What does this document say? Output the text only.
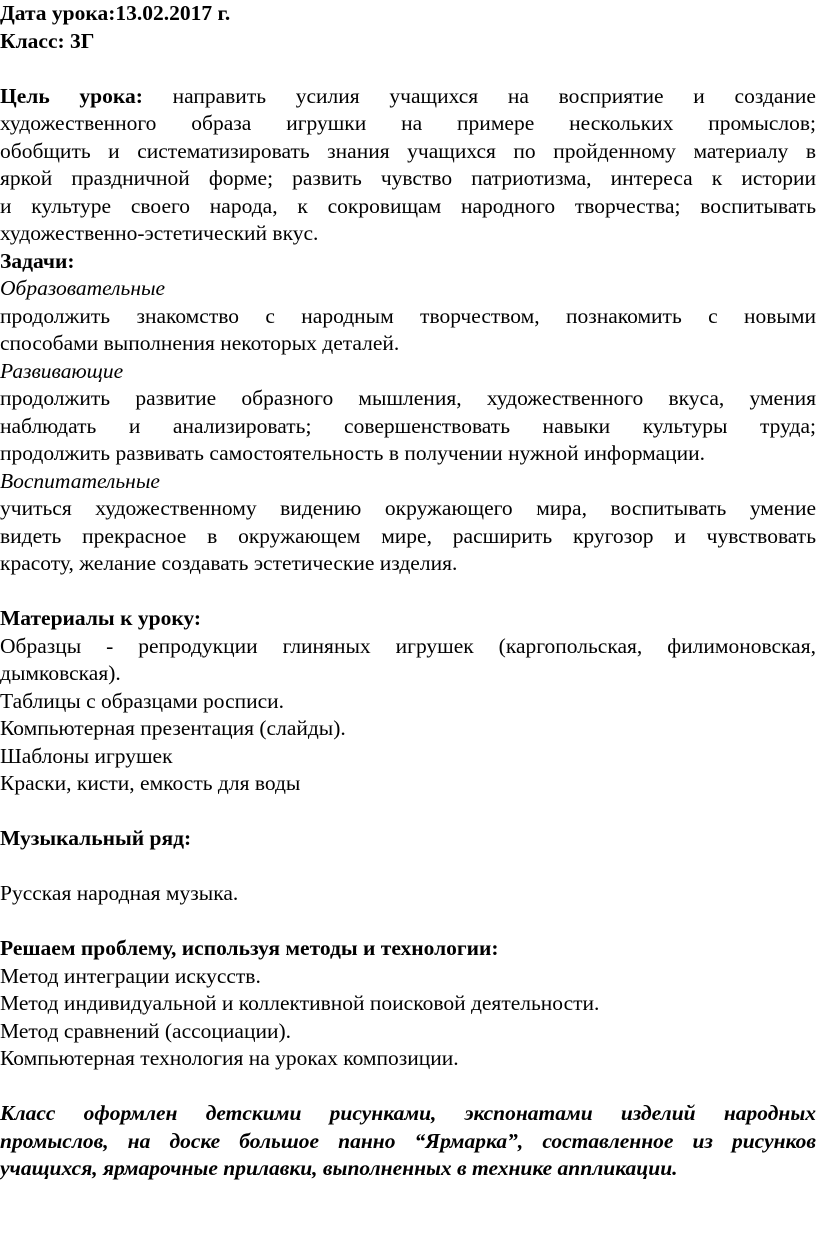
Дата урока:13.02.2017 г.
Класс: 3Г
Цель урока: направить усилия учащихся на восприятие и создание
художественного образа игрушки на примере нескольких промыслов;
обобщить и систематизировать знания учащихся по пройденному материалу в
яркой праздничной форме; развить чувство патриотизма, интереса к истории
и культуре своего народа, к сокровищам народного творчества; воспитывать
художественно-эстетический вкус.
Задачи:
Образовательные
продолжить знакомство с народным творчеством, познакомить с новыми
способами выполнения некоторых деталей.
Развивающие
продолжить развитие образного мышления, художественного вкуса, умения
наблюдать и анализировать; совершенствовать навыки культуры труда;
продолжить развивать самостоятельность в получении нужной информации.
Воспитательные
учиться художественному видению окружающего мира, воспитывать умение
видеть прекрасное в окружающем мире, расширить кругозор и чувствовать
красоту, желание создавать эстетические изделия.
Материалы к уроку:
Образцы - репродукции глиняных игрушек (каргопольская, филимоновская,
дымковская).
Таблицы с образцами росписи.
Компьютерная презентация (слайды).
Шаблоны игрушек
Краски, кисти, емкость для воды
Музыкальный ряд:
Русская народная музыка.
Решаем проблему, используя методы и технологии:
Метод интеграции искусств.
Метод индивидуальной и коллективной поисковой деятельности.
Метод сравнений (ассоциации).
Компьютерная технология на уроках композиции.
Класс оформлен детскими рисунками, экспонатами изделий народных
промыслов, на доске большое панно “Ярмарка”, составленное из рисунков
учащихся, ярмарочные прилавки, выполненных в технике аппликации.
